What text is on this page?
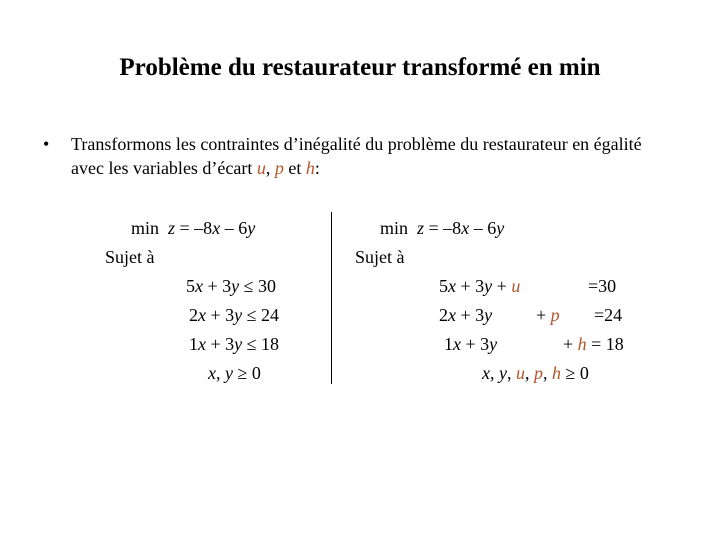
Problème du restaurateur transformé en min
•	Transformons les contraintes d’inégalité du problème du restaurateur en égalité avec les variables d’écart u, p et h:
min z = –8x – 6y
Sujet à
5x + 3y ≤ 30
2x + 3y ≤ 24
1x + 3y ≤ 18
x, y ≥ 0
min z = –8x – 6y
Sujet à
5x + 3y + u	=30
2x + 3y + p =24
1x + 3y	+ h = 18
x, y, u, p, h ≥ 0
